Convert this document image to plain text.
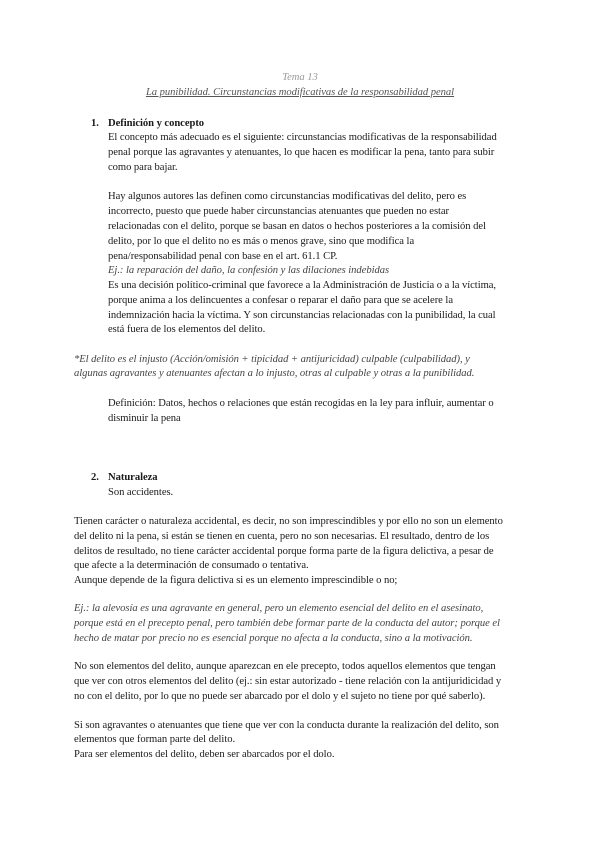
Tema 13
La punibilidad. Circunstancias modificativas de la responsabilidad penal
1. Definición y concepto
El concepto más adecuado es el siguiente: circunstancias modificativas de la responsabilidad
penal porque las agravantes y atenuantes, lo que hacen es modificar la pena, tanto para subir
como para bajar.
Hay algunos autores las definen como circunstancias modificativas del delito, pero es
incorrecto, puesto que puede haber circunstancias atenuantes que pueden no estar
relacionadas con el delito, porque se basan en datos o hechos posteriores a la comisión del
delito, por lo que el delito no es más o menos grave, sino que modifica la
pena/responsabilidad penal con base en el art. 61.1 CP.
Ej.: la reparación del daño, la confesión y las dilaciones indebidas
Es una decisión político-criminal que favorece a la Administración de Justicia o a la víctima,
porque anima a los delincuentes a confesar o reparar el daño para que se acelere la
indemnización hacia la víctima. Y son circunstancias relacionadas con la punibilidad, la cual
está fuera de los elementos del delito.
*El delito es el injusto (Acción/omisión + tipicidad + antijuricidad) culpable (culpabilidad), y
algunas agravantes y atenuantes afectan a lo injusto, otras al culpable y otras a la punibilidad.
Definición: Datos, hechos o relaciones que están recogidas en la ley para influir, aumentar o
disminuir la pena
2. Naturaleza
Son accidentes.
Tienen carácter o naturaleza accidental, es decir, no son imprescindibles y por ello no son un elemento
del delito ni la pena, si están se tienen en cuenta, pero no son necesarias. El resultado, dentro de los
delitos de resultado, no tiene carácter accidental porque forma parte de la figura delictiva, a pesar de
que afecte a la determinación de consumado o tentativa.
Aunque depende de la figura delictiva si es un elemento imprescindible o no;
Ej.: la alevosía es una agravante en general, pero un elemento esencial del delito en el asesinato,
porque está en el precepto penal, pero también debe formar parte de la conducta del autor; porque el
hecho de matar por precio no es esencial porque no afecta a la conducta, sino a la motivación.
No son elementos del delito, aunque aparezcan en ele precepto, todos aquellos elementos que tengan
que ver con otros elementos del delito (ej.: sin estar autorizado - tiene relación con la antijuridicidad y
no con el delito, por lo que no puede ser abarcado por el dolo y el sujeto no tiene por qué saberlo).
Si son agravantes o atenuantes que tiene que ver con la conducta durante la realización del delito, son
elementos que forman parte del delito.
Para ser elementos del delito, deben ser abarcados por el dolo.
